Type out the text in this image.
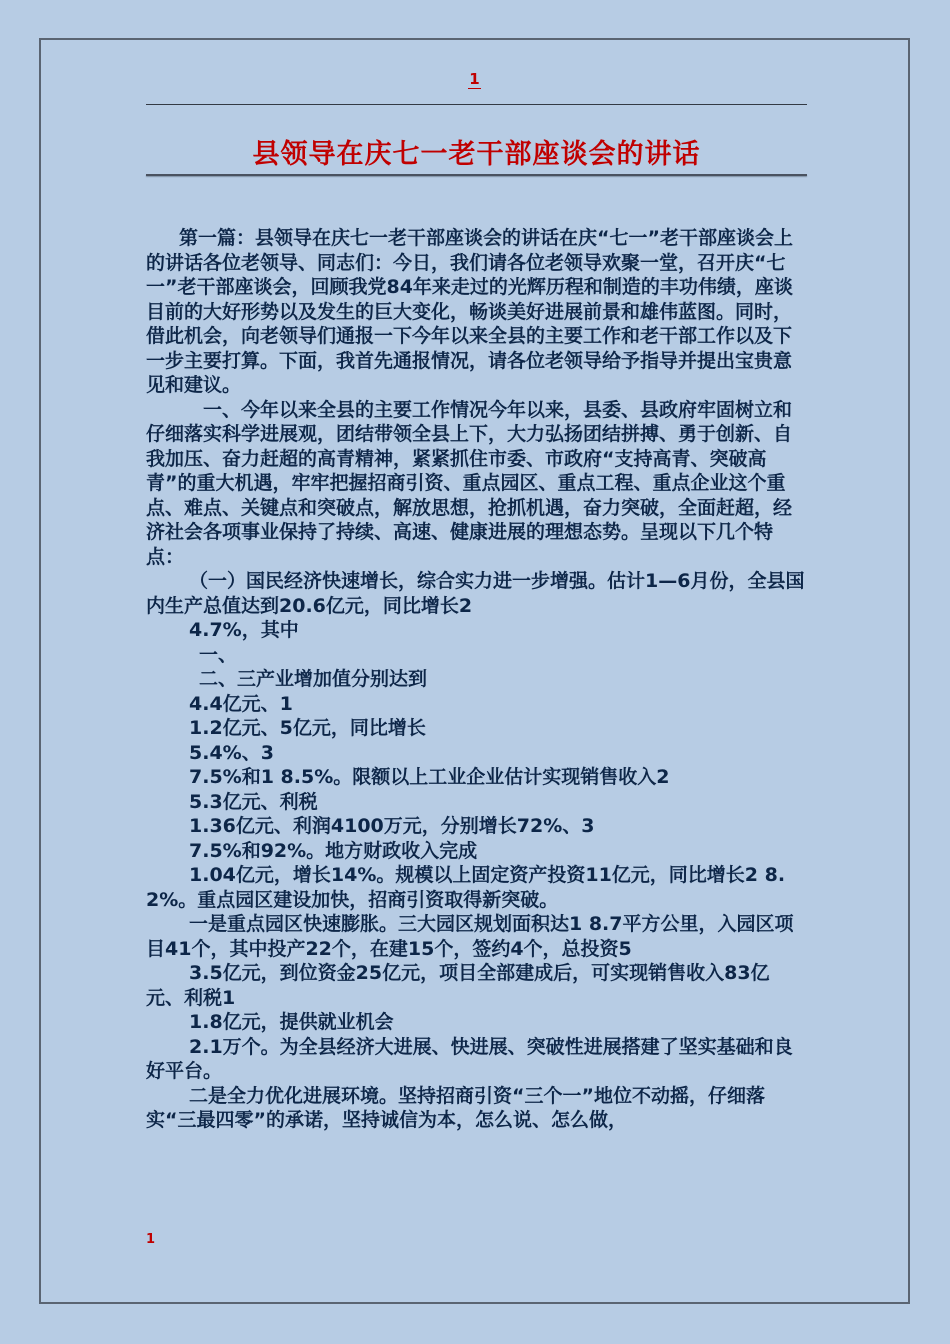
1
县领导在庆七一老干部座谈会的讲话

第一篇：县领导在庆七一老干部座谈会的讲话在庆“七一”老干部座谈会上的讲话各位老领导、同志们：今日，我们请各位老领导欢聚一堂，召开庆“七一”老干部座谈会，回顾我党84年来走过的光辉历程和制造的丰功伟绩，座谈目前的大好形势以及发生的巨大变化，畅谈美好进展前景和雄伟蓝图。同时，借此机会，向老领导们通报一下今年以来全县的主要工作和老干部工作以及下一步主要打算。下面，我首先通报情况，请各位老领导给予指导并提出宝贵意见和建议。

一、今年以来全县的主要工作情况今年以来，县委、县政府牢固树立和仔细落实科学进展观，团结带领全县上下，大力弘扬团结拼搏、勇于创新、自我加压、奋力赶超的高青精神，紧紧抓住市委、市政府“支持高青、突破高青”的重大机遇，牢牢把握招商引资、重点园区、重点工程、重点企业这个重点、难点、关键点和突破点，解放思想，抢抓机遇，奋力突破，全面赶超，经济社会各项事业保持了持续、高速、健康进展的理想态势。呈现以下几个特点：

（一）国民经济快速增长，综合实力进一步增强。估计1—6月份，全县国内生产总值达到20.6亿元，同比增长2

4.7%，其中

一、

二、三产业增加值分别达到

4.4亿元、1

1.2亿元、5亿元，同比增长

5.4%、3

7.5%和1 8.5%。限额以上工业企业估计实现销售收入2

5.3亿元、利税

1.36亿元、利润4100万元，分别增长72%、3

7.5%和92%。地方财政收入完成

1.04亿元，增长14%。规模以上固定资产投资11亿元，同比增长2 8.2%。重点园区建设加快，招商引资取得新突破。

一是重点园区快速膨胀。三大园区规划面积达1 8.7平方公里，入园区项目41个，其中投产22个，在建15个，签约4个，总投资5

3.5亿元，到位资金25亿元，项目全部建成后，可实现销售收入83亿元、利税1

1.8亿元，提供就业机会

2.1万个。为全县经济大进展、快进展、突破性进展搭建了坚实基础和良好平台。

二是全力优化进展环境。坚持招商引资“三个一”地位不动摇，仔细落实“三最四零”的承诺，坚持诚信为本，怎么说、怎么做，

1
